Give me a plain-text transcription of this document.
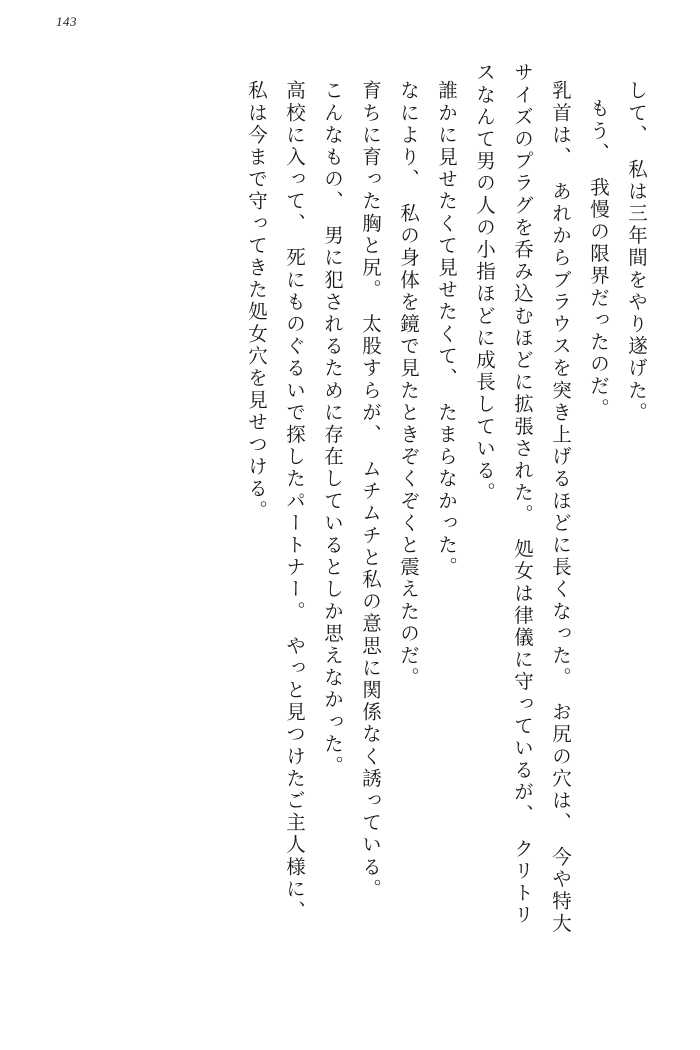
143
して、　私は三年間をやり遂げた。
もう、　我慢の限界だったのだ。
乳首は、　あれからブラウスを突き上げるほどに長くなった。　お尻の穴は、　今や特大
サイズのプラグを呑み込むほどに拡張された。　処女は律儀に守っているが、　クリトリ
スなんて男の人の小指ほどに成長している。
誰かに見せたくて見せたくて、　たまらなかった。
なにより、　私の身体を鏡で見たときぞくぞくと震えたのだ。
育ちに育った胸と尻。　太股すらが、　ムチムチと私の意思に関係なく誘っている。
こんなもの、　男に犯されるために存在しているとしか思えなかった。
高校に入って、　死にものぐるいで探したパートナー。　やっと見つけたご主人様に、
私は今まで守ってきた処女穴を見せつける。
